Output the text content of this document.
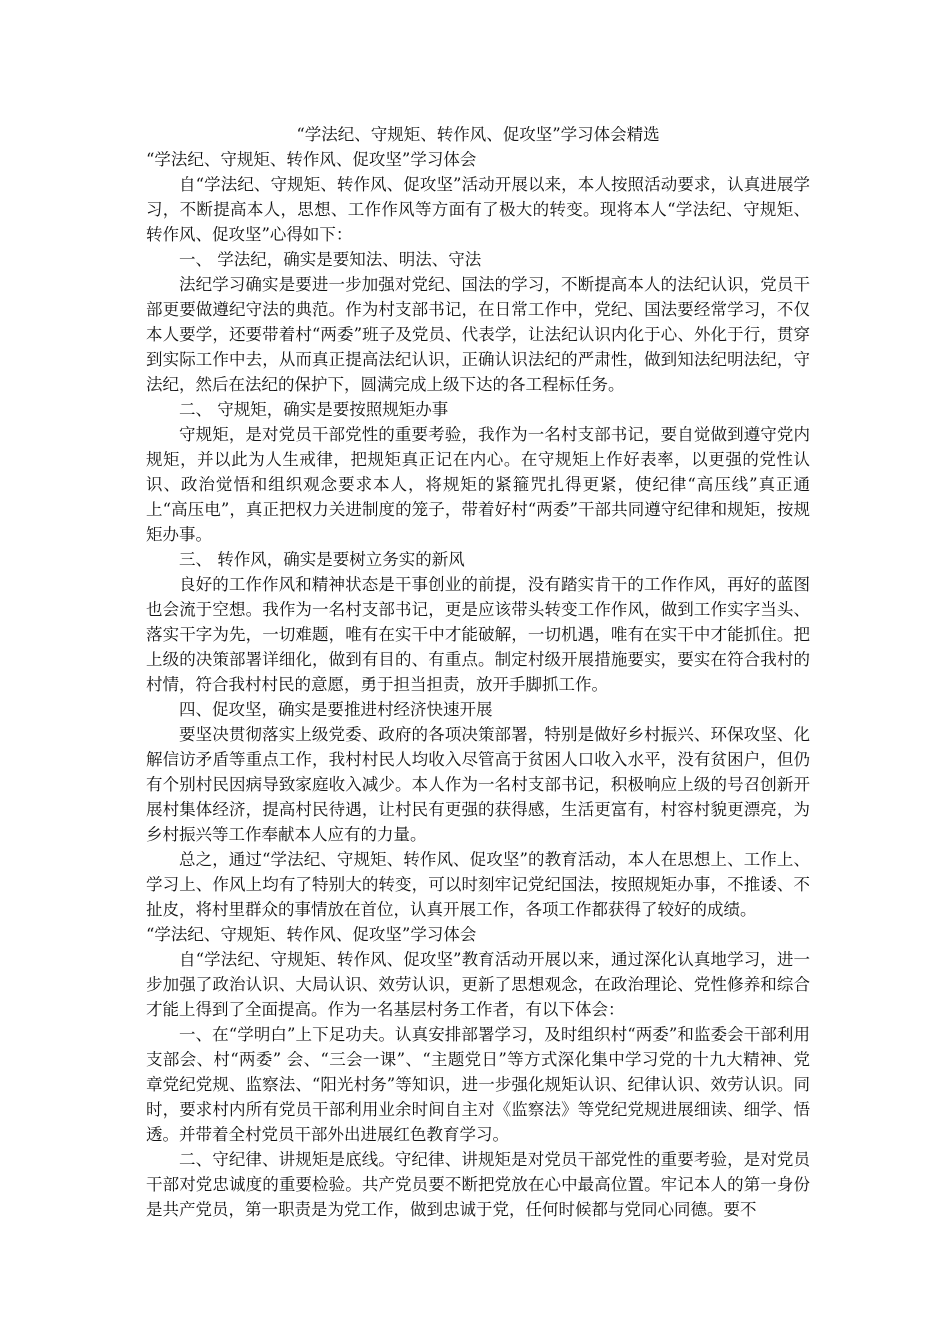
“学法纪、守规矩、转作风、促攻坚”学习体会精选

“学法纪、守规矩、转作风、促攻坚”学习体会

自“学法纪、守规矩、转作风、促攻坚”活动开展以来，本人按照活动要求，认真进展学习，不断提高本人，思想、工作作风等方面有了极大的转变。现将本人“学法纪、守规矩、转作风、促攻坚”心得如下：

一、 学法纪，确实是要知法、明法、守法

法纪学习确实是要进一步加强对党纪、国法的学习，不断提高本人的法纪认识，党员干部更要做遵纪守法的典范。作为村支部书记，在日常工作中，党纪、国法要经常学习，不仅本人要学，还要带着村“两委”班子及党员、代表学，让法纪认识内化于心、外化于行，贯穿到实际工作中去，从而真正提高法纪认识，正确认识法纪的严肃性，做到知法纪明法纪，守法纪，然后在法纪的保护下，圆满完成上级下达的各工程标任务。

二、 守规矩，确实是要按照规矩办事

守规矩，是对党员干部党性的重要考验，我作为一名村支部书记，要自觉做到遵守党内规矩，并以此为人生戒律，把规矩真正记在内心。在守规矩上作好表率，以更强的党性认识、政治觉悟和组织观念要求本人，将规矩的紧箍咒扎得更紧，使纪律“高压线”真正通上“高压电”，真正把权力关进制度的笼子，带着好村“两委”干部共同遵守纪律和规矩，按规矩办事。

三、 转作风，确实是要树立务实的新风

良好的工作作风和精神状态是干事创业的前提，没有踏实肯干的工作作风，再好的蓝图也会流于空想。我作为一名村支部书记，更是应该带头转变工作作风，做到工作实字当头、落实干字为先，一切难题，唯有在实干中才能破解，一切机遇，唯有在实干中才能抓住。把上级的决策部署详细化，做到有目的、有重点。制定村级开展措施要实，要实在符合我村的村情，符合我村村民的意愿，勇于担当担责，放开手脚抓工作。

四、促攻坚，确实是要推进村经济快速开展

要坚决贯彻落实上级党委、政府的各项决策部署，特别是做好乡村振兴、环保攻坚、化解信访矛盾等重点工作，我村村民人均收入尽管高于贫困人口收入水平，没有贫困户，但仍有个别村民因病导致家庭收入减少。本人作为一名村支部书记，积极响应上级的号召创新开展村集体经济，提高村民待遇，让村民有更强的获得感，生活更富有，村容村貌更漂亮，为乡村振兴等工作奉献本人应有的力量。

总之，通过“学法纪、守规矩、转作风、促攻坚”的教育活动，本人在思想上、工作上、学习上、作风上均有了特别大的转变，可以时刻牢记党纪国法，按照规矩办事，不推诿、不扯皮，将村里群众的事情放在首位，认真开展工作，各项工作都获得了较好的成绩。

“学法纪、守规矩、转作风、促攻坚”学习体会

自“学法纪、守规矩、转作风、促攻坚”教育活动开展以来，通过深化认真地学习，进一步加强了政治认识、大局认识、效劳认识，更新了思想观念，在政治理论、党性修养和综合才能上得到了全面提高。作为一名基层村务工作者，有以下体会：

一、在“学明白”上下足功夫。认真安排部署学习，及时组织村“两委”和监委会干部利用支部会、村“两委” 会、“三会一课”、“主题党日”等方式深化集中学习党的十九大精神、党章党纪党规、监察法、“阳光村务”等知识，进一步强化规矩认识、纪律认识、效劳认识。同时，要求村内所有党员干部利用业余时间自主对《监察法》等党纪党规进展细读、细学、悟透。并带着全村党员干部外出进展红色教育学习。

二、守纪律、讲规矩是底线。守纪律、讲规矩是对党员干部党性的重要考验，是对党员干部对党忠诚度的重要检验。共产党员要不断把党放在心中最高位置。牢记本人的第一身份是共产党员，第一职责是为党工作，做到忠诚于党，任何时候都与党同心同德。要不
